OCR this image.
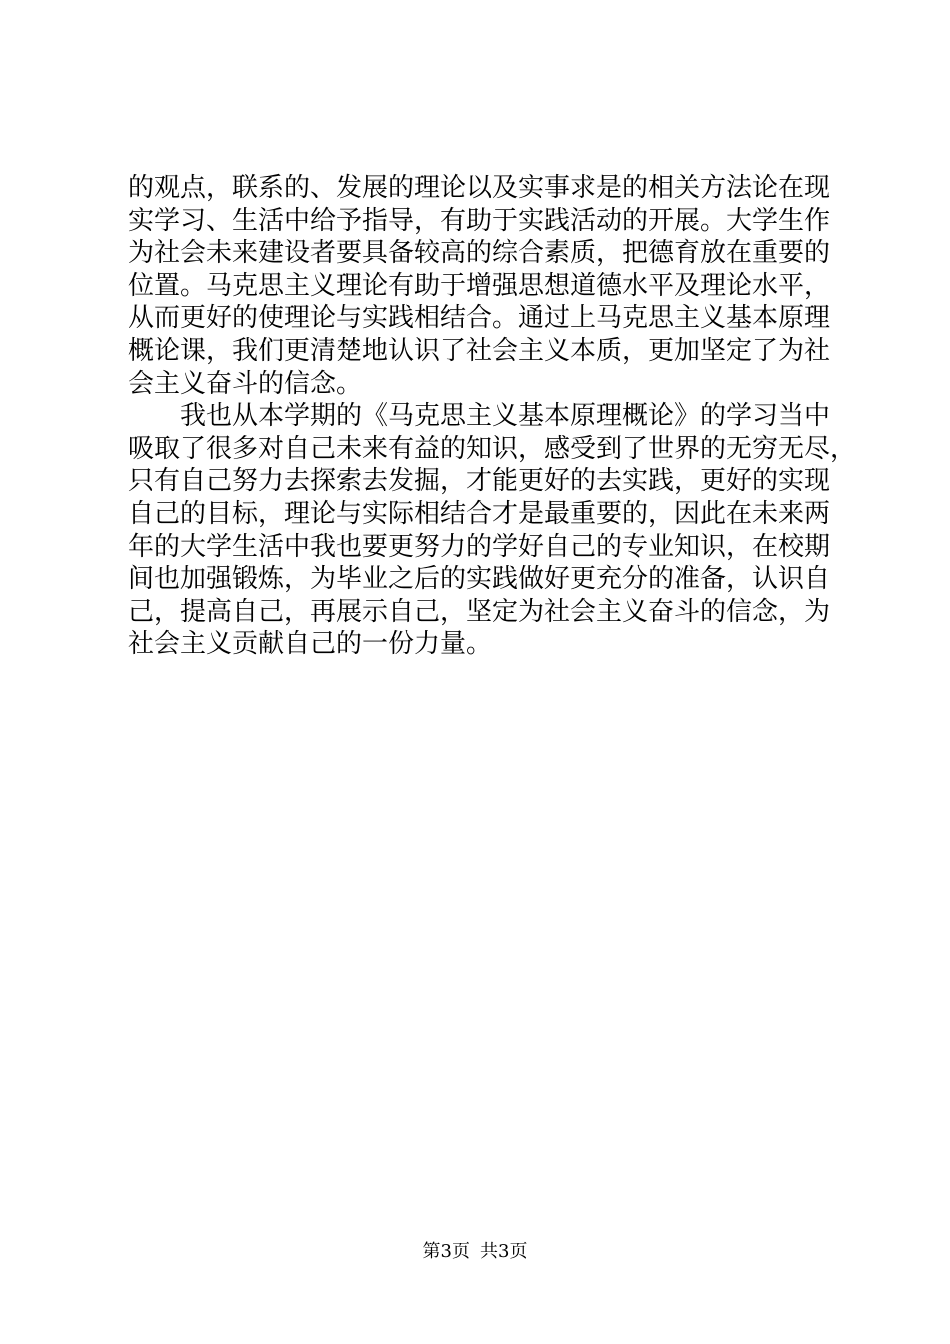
的观点，联系的、发展的理论以及实事求是的相关方法论在现
实学习、生活中给予指导，有助于实践活动的开展。大学生作
为社会未来建设者要具备较高的综合素质，把德育放在重要的
位置。马克思主义理论有助于增强思想道德水平及理论水平，
从而更好的使理论与实践相结合。通过上马克思主义基本原理
概论课，我们更清楚地认识了社会主义本质，更加坚定了为社
会主义奋斗的信念。
　　我也从本学期的《马克思主义基本原理概论》的学习当中
吸取了很多对自己未来有益的知识，感受到了世界的无穷无尽，
只有自己努力去探索去发掘，才能更好的去实践，更好的实现
自己的目标，理论与实际相结合才是最重要的，因此在未来两
年的大学生活中我也要更努力的学好自己的专业知识，在校期
间也加强锻炼，为毕业之后的实践做好更充分的准备，认识自
己，提高自己，再展示自己，坚定为社会主义奋斗的信念，为
社会主义贡献自己的一份力量。
第3页 共3页
